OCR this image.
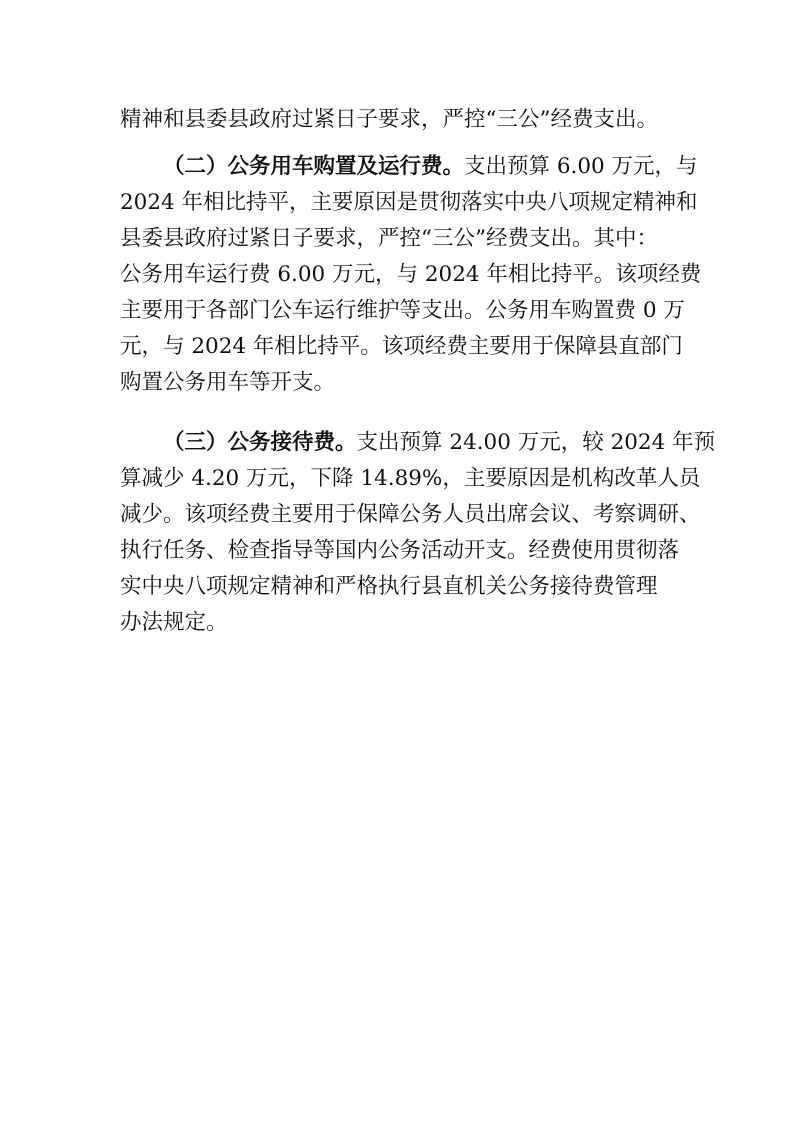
精神和县委县政府过紧日子要求，严控“三公”经费支出。
（二）公务用车购置及运行费。支出预算 6.00 万元，与
2024 年相比持平，主要原因是贯彻落实中央八项规定精神和
县委县政府过紧日子要求，严控“三公”经费支出。其中：
公务用车运行费 6.00 万元，与 2024 年相比持平。该项经费
主要用于各部门公车运行维护等支出。公务用车购置费 0 万
元，与 2024 年相比持平。该项经费主要用于保障县直部门
购置公务用车等开支。
（三）公务接待费。支出预算 24.00 万元，较 2024 年预
算减少 4.20 万元，下降 14.89%，主要原因是机构改革人员
减少。该项经费主要用于保障公务人员出席会议、考察调研、
执行任务、检查指导等国内公务活动开支。经费使用贯彻落
实中央八项规定精神和严格执行县直机关公务接待费管理
办法规定。
